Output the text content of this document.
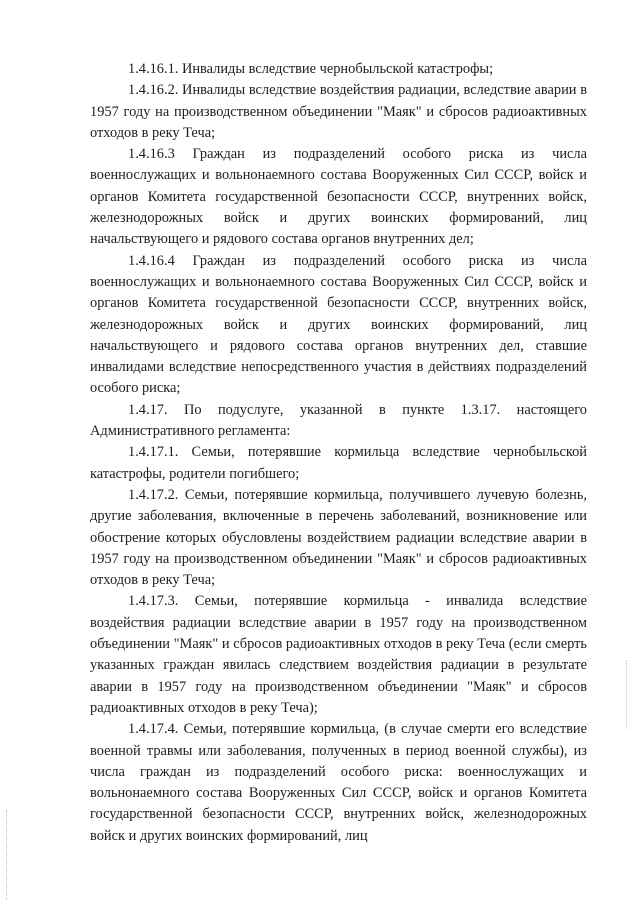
1.4.16.1. Инвалиды вследствие чернобыльской катастрофы;

1.4.16.2. Инвалиды вследствие воздействия радиации, вследствие аварии в 1957 году на производственном объединении "Маяк" и сбросов радиоактивных отходов в реку Теча;

1.4.16.3 Граждан из подразделений особого риска из числа военнослужащих и вольнонаемного состава Вооруженных Сил СССР, войск и органов Комитета государственной безопасности СССР, внутренних войск, железнодорожных войск и других воинских формирований, лиц начальствующего и рядового состава органов внутренних дел;

1.4.16.4 Граждан из подразделений особого риска из числа военнослужащих и вольнонаемного состава Вооруженных Сил СССР, войск и органов Комитета государственной безопасности СССР, внутренних войск, железнодорожных войск и других воинских формирований, лиц начальствующего и рядового состава органов внутренних дел, ставшие инвалидами вследствие непосредственного участия в действиях подразделений особого риска;

1.4.17. По подуслуге, указанной в пункте 1.3.17. настоящего Административного регламента:

1.4.17.1. Семьи, потерявшие кормильца вследствие чернобыльской катастрофы, родители погибшего;

1.4.17.2. Семьи, потерявшие кормильца, получившего лучевую болезнь, другие заболевания, включенные в перечень заболеваний, возникновение или обострение которых обусловлены воздействием радиации вследствие аварии в 1957 году на производственном объединении "Маяк" и сбросов радиоактивных отходов в реку Теча;

1.4.17.3. Семьи, потерявшие кормильца - инвалида вследствие воздействия радиации вследствие аварии в 1957 году на производственном объединении "Маяк" и сбросов радиоактивных отходов в реку Теча (если смерть указанных граждан явилась следствием воздействия радиации в результате аварии в 1957 году на производственном объединении "Маяк" и сбросов радиоактивных отходов в реку Теча);

1.4.17.4. Семьи, потерявшие кормильца, (в случае смерти его вследствие военной травмы или заболевания, полученных в период военной службы), из числа граждан из подразделений особого риска: военнослужащих и вольнонаемного состава Вооруженных Сил СССР, войск и органов Комитета государственной безопасности СССР, внутренних войск, железнодорожных войск и других воинских формирований, лиц
